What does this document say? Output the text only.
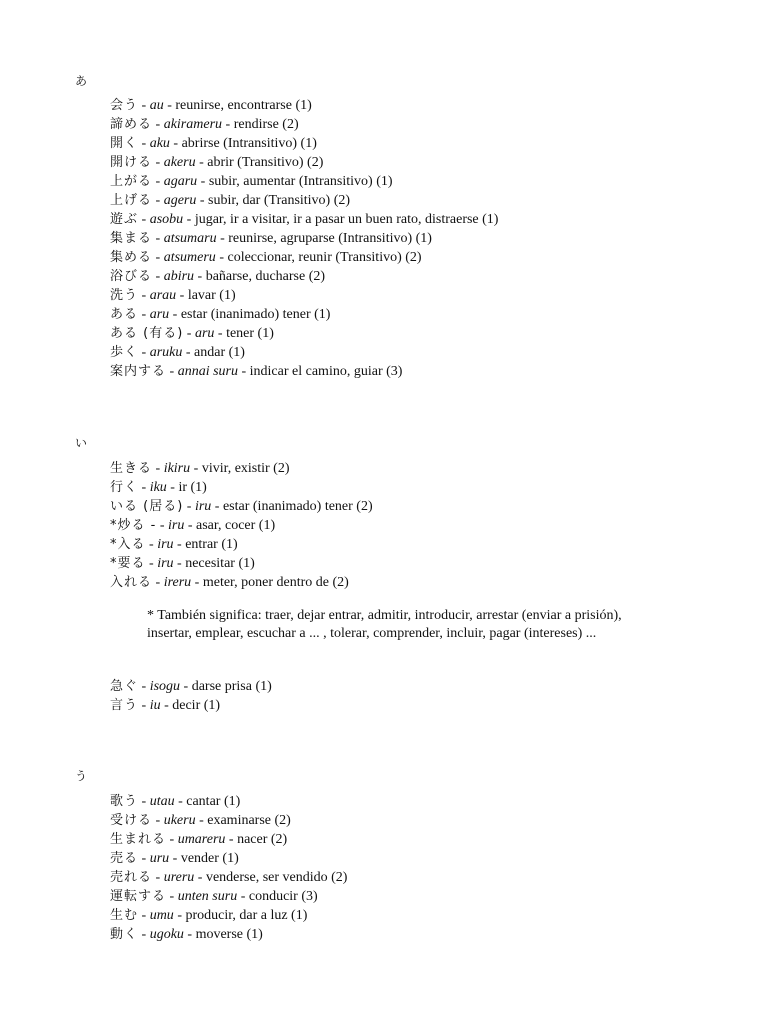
あ
会う - au - reunirse, encontrarse (1)
諦める - akirameru - rendirse (2)
開く - aku - abrirse (Intransitivo) (1)
開ける - akeru - abrir (Transitivo) (2)
上がる - agaru - subir, aumentar (Intransitivo) (1)
上げる - ageru - subir, dar (Transitivo) (2)
遊ぶ - asobu - jugar, ir a visitar, ir a pasar un buen rato, distraerse (1)
集まる - atsumaru - reunirse, agruparse (Intransitivo) (1)
集める - atsumeru - coleccionar, reunir (Transitivo) (2)
浴びる - abiru - bañarse, ducharse (2)
洗う - arau - lavar (1)
ある - aru - estar (inanimado) tener (1)
ある (有る) - aru - tener (1)
歩く - aruku - andar (1)
案内する - annai suru - indicar el camino, guiar (3)
い
生きる - ikiru - vivir, existir (2)
行く - iku - ir (1)
いる (居る) - iru - estar (inanimado) tener (2)
*炒る - - iru - asar, cocer (1)
*入る - iru - entrar (1)
*要る - iru - necesitar (1)
入れる - ireru - meter, poner dentro de (2)
* También significa: traer, dejar entrar, admitir, introducir, arrestar (enviar a prisión), insertar, emplear, escuchar a ... , tolerar, comprender, incluir, pagar (intereses) ...
急ぐ - isogu - darse prisa (1)
言う - iu - decir (1)
う
歌う - utau - cantar (1)
受ける - ukeru - examinarse (2)
生まれる - umareru - nacer (2)
売る - uru - vender (1)
売れる - ureru - venderse, ser vendido (2)
運転する - unten suru - conducir (3)
生む - umu - producir, dar a luz (1)
動く - ugoku - moverse (1)
